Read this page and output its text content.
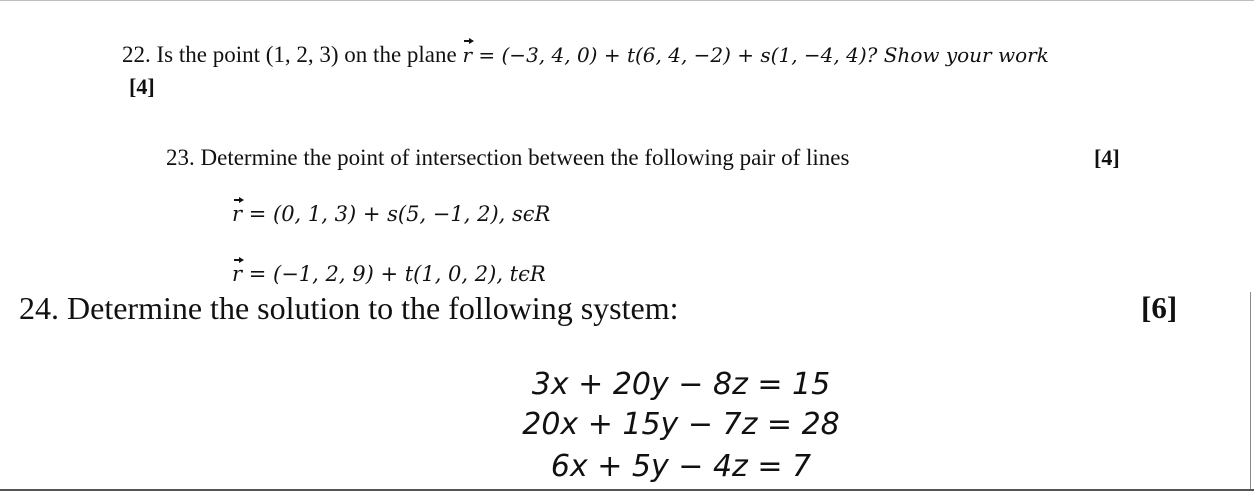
22. Is the point (1, 2, 3) on the plane r = (−3, 4, 0) + t(6, 4, −2) + s(1, −4, 4)? Show your work
[4]
23. Determine the point of intersection between the following pair of lines	[4]
r = (0, 1, 3) + s(5, −1, 2), sϵR
r = (−1, 2, 9) + t(1, 0, 2), tϵR
24. Determine the solution to the following system:	[6]
3x + 20y − 8z = 15
20x + 15y − 7z = 28
6x + 5y − 4z = 7
